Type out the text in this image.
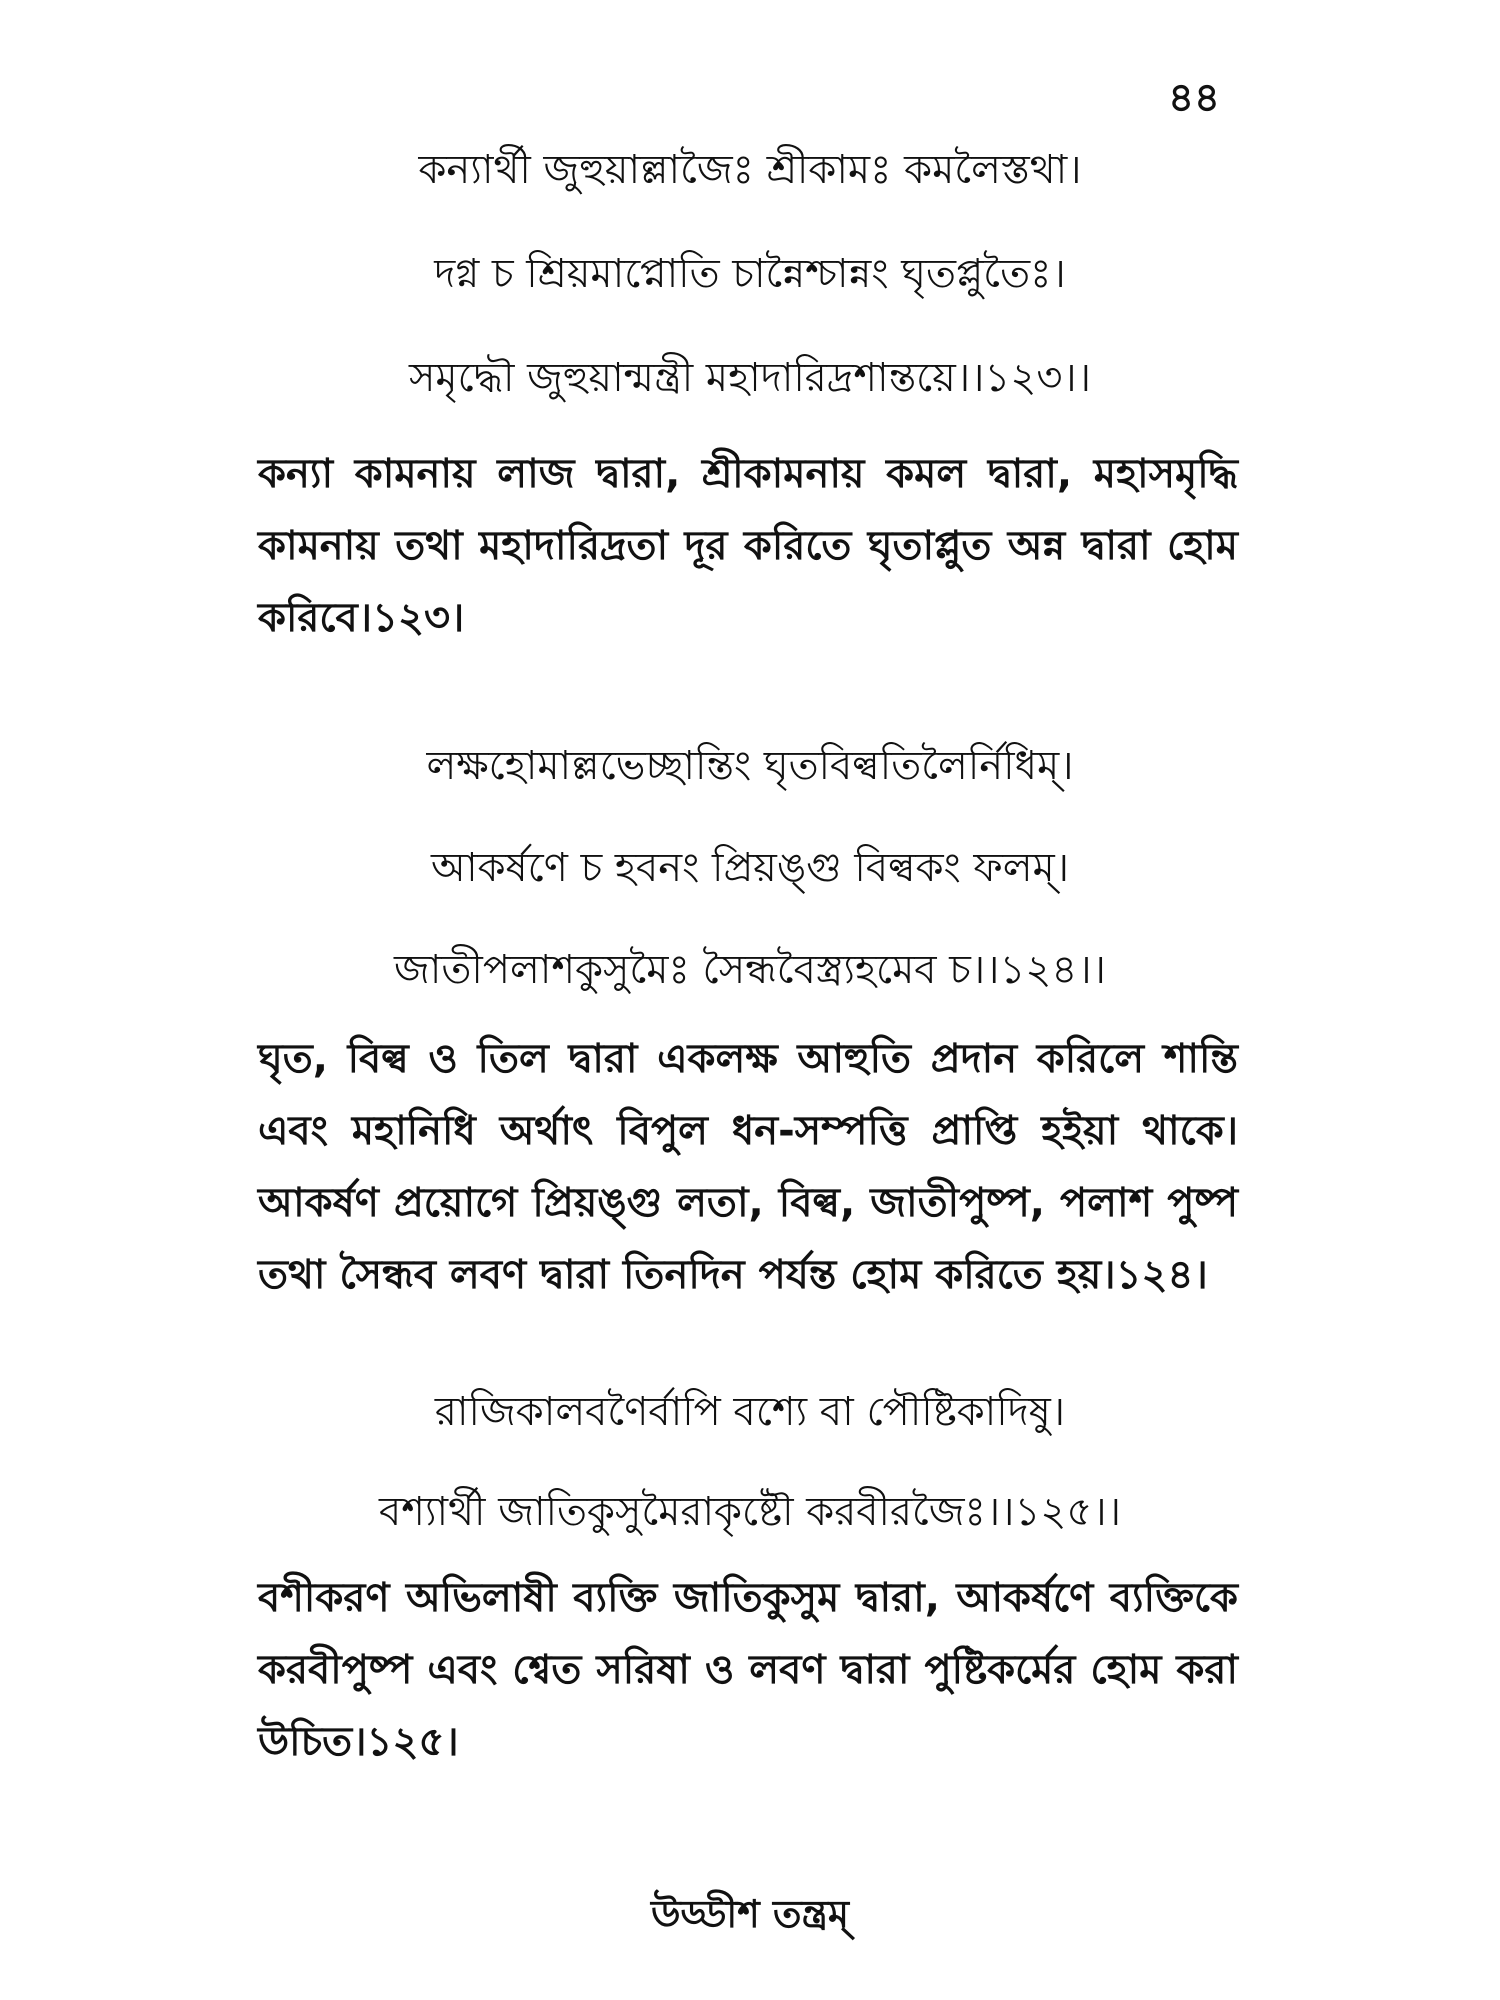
৪৪
কন্যার্থী জুহুয়াল্লাজৈঃ শ্রীকামঃ কমলৈস্তথা।
দগ্ন চ শ্রিয়মাপ্নোতি চান্নৈশ্চান্নং ঘৃতপ্লুতৈঃ।
সমৃদ্ধৌ জুহুয়ান্মন্ত্রী মহাদারিদ্রশান্তয়ে।।১২৩।।
কন্যা কামনায় লাজ দ্বারা, শ্রীকামনায় কমল দ্বারা, মহাসমৃদ্ধি কামনায় তথা মহাদারিদ্রতা দূর করিতে ঘৃতাপ্লুত অন্ন দ্বারা হোম করিবে।১২৩।
লক্ষহোমাল্লভেচ্ছান্তিং ঘৃতবিল্বতিলৈর্নিধিম্।
আকর্ষণে চ হবনং প্রিয়ঙ্গু বিল্বকং ফলম্।
জাতীপলাশকুসুমৈঃ সৈন্ধবৈস্ত্র্যহমেব চ।।১২৪।।
ঘৃত, বিল্ব ও তিল দ্বারা একলক্ষ আহুতি প্রদান করিলে শান্তি এবং মহানিধি অর্থাৎ বিপুল ধন-সম্পত্তি প্রাপ্তি হইয়া থাকে। আকর্ষণ প্রয়োগে প্রিয়ঙ্গু লতা, বিল্ব, জাতীপুষ্প, পলাশ পুষ্প তথা সৈন্ধব লবণ দ্বারা তিনদিন পর্যন্ত হোম করিতে হয়।১২৪।
রাজিকালবণৈর্বাপি বশ্যে বা পৌষ্টিকাদিষু।
বশ্যার্থী জাতিকুসুমৈরাকৃষ্টৌ করবীরজৈঃ।।১২৫।।
বশীকরণ অভিলাষী ব্যক্তি জাতিকুসুম দ্বারা, আকর্ষণে ব্যক্তিকে করবীপুষ্প এবং শ্বেত সরিষা ও লবণ দ্বারা পুষ্টিকর্মের হোম করা উচিত।১২৫।
উড্ডীশ তন্ত্রম্
